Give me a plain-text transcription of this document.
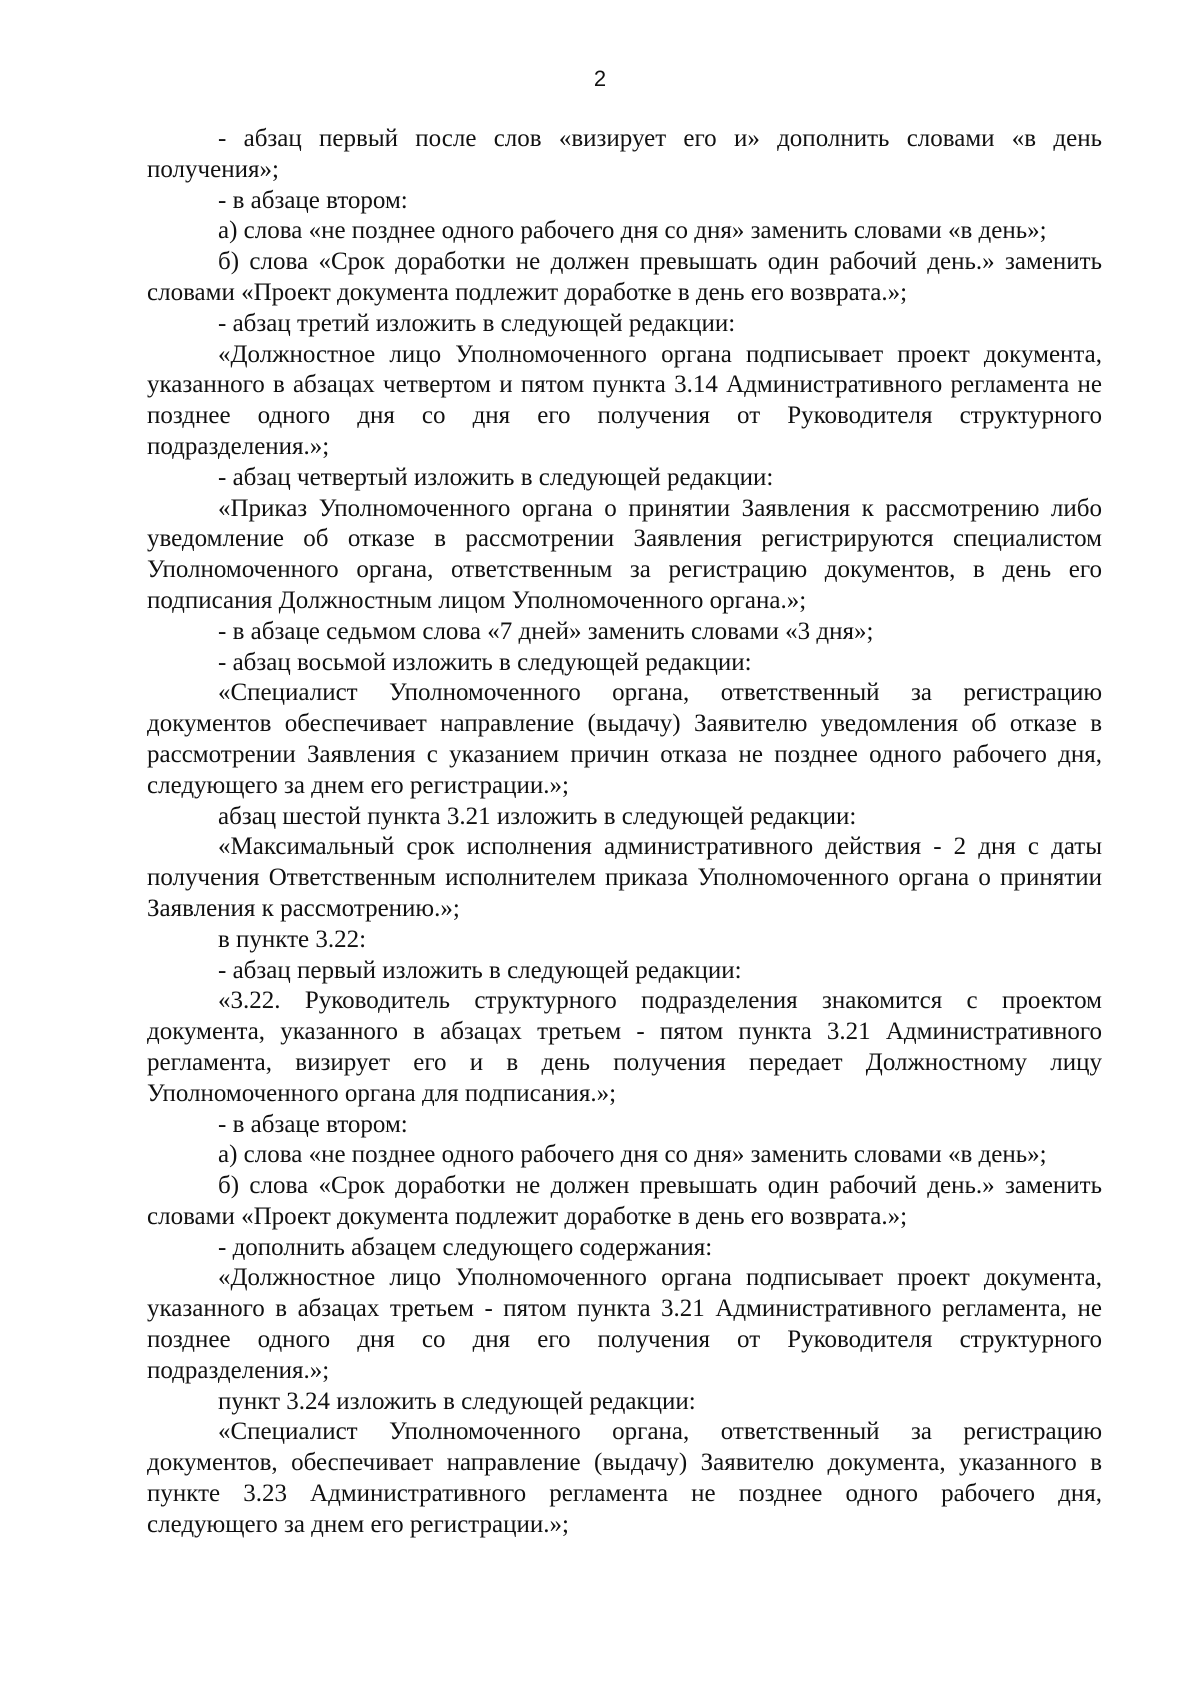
2

- абзац первый после слов «визирует его и» дополнить словами «в день получения»;

- в абзаце втором:

а) слова «не позднее одного рабочего дня со дня» заменить словами «в день»;

б) слова «Срок доработки не должен превышать один рабочий день.» заменить словами «Проект документа подлежит доработке в день его возврата.»;

- абзац третий изложить в следующей редакции:

«Должностное лицо Уполномоченного органа подписывает проект документа, указанного в абзацах четвертом и пятом пункта 3.14 Административного регламента не позднее одного дня со дня его получения от Руководителя структурного подразделения.»;

- абзац четвертый изложить в следующей редакции:

«Приказ Уполномоченного органа о принятии Заявления к рассмотрению либо уведомление об отказе в рассмотрении Заявления регистрируются специалистом Уполномоченного органа, ответственным за регистрацию документов, в день его подписания Должностным лицом Уполномоченного органа.»;

- в абзаце седьмом слова «7 дней» заменить словами «3 дня»;

- абзац восьмой изложить в следующей редакции:

«Специалист Уполномоченного органа, ответственный за регистрацию документов обеспечивает направление (выдачу) Заявителю уведомления об отказе в рассмотрении Заявления с указанием причин отказа не позднее одного рабочего дня, следующего за днем его регистрации.»;

абзац шестой пункта 3.21 изложить в следующей редакции:

«Максимальный срок исполнения административного действия - 2 дня с даты получения Ответственным исполнителем приказа Уполномоченного органа о принятии Заявления к рассмотрению.»;

в пункте 3.22:

- абзац первый изложить в следующей редакции:

«3.22. Руководитель структурного подразделения знакомится с проектом документа, указанного в абзацах третьем - пятом пункта 3.21 Административного регламента, визирует его и в день получения передает Должностному лицу Уполномоченного органа для подписания.»;

- в абзаце втором:

а) слова «не позднее одного рабочего дня со дня» заменить словами «в день»;

б) слова «Срок доработки не должен превышать один рабочий день.» заменить словами «Проект документа подлежит доработке в день его возврата.»;

- дополнить абзацем следующего содержания:

«Должностное лицо Уполномоченного органа подписывает проект документа, указанного в абзацах третьем - пятом пункта 3.21 Административного регламента, не позднее одного дня со дня его получения от Руководителя структурного подразделения.»;

пункт 3.24 изложить в следующей редакции:

«Специалист Уполномоченного органа, ответственный за регистрацию документов, обеспечивает направление (выдачу) Заявителю документа, указанного в пункте 3.23 Административного регламента не позднее одного рабочего дня, следующего за днем его регистрации.»;
